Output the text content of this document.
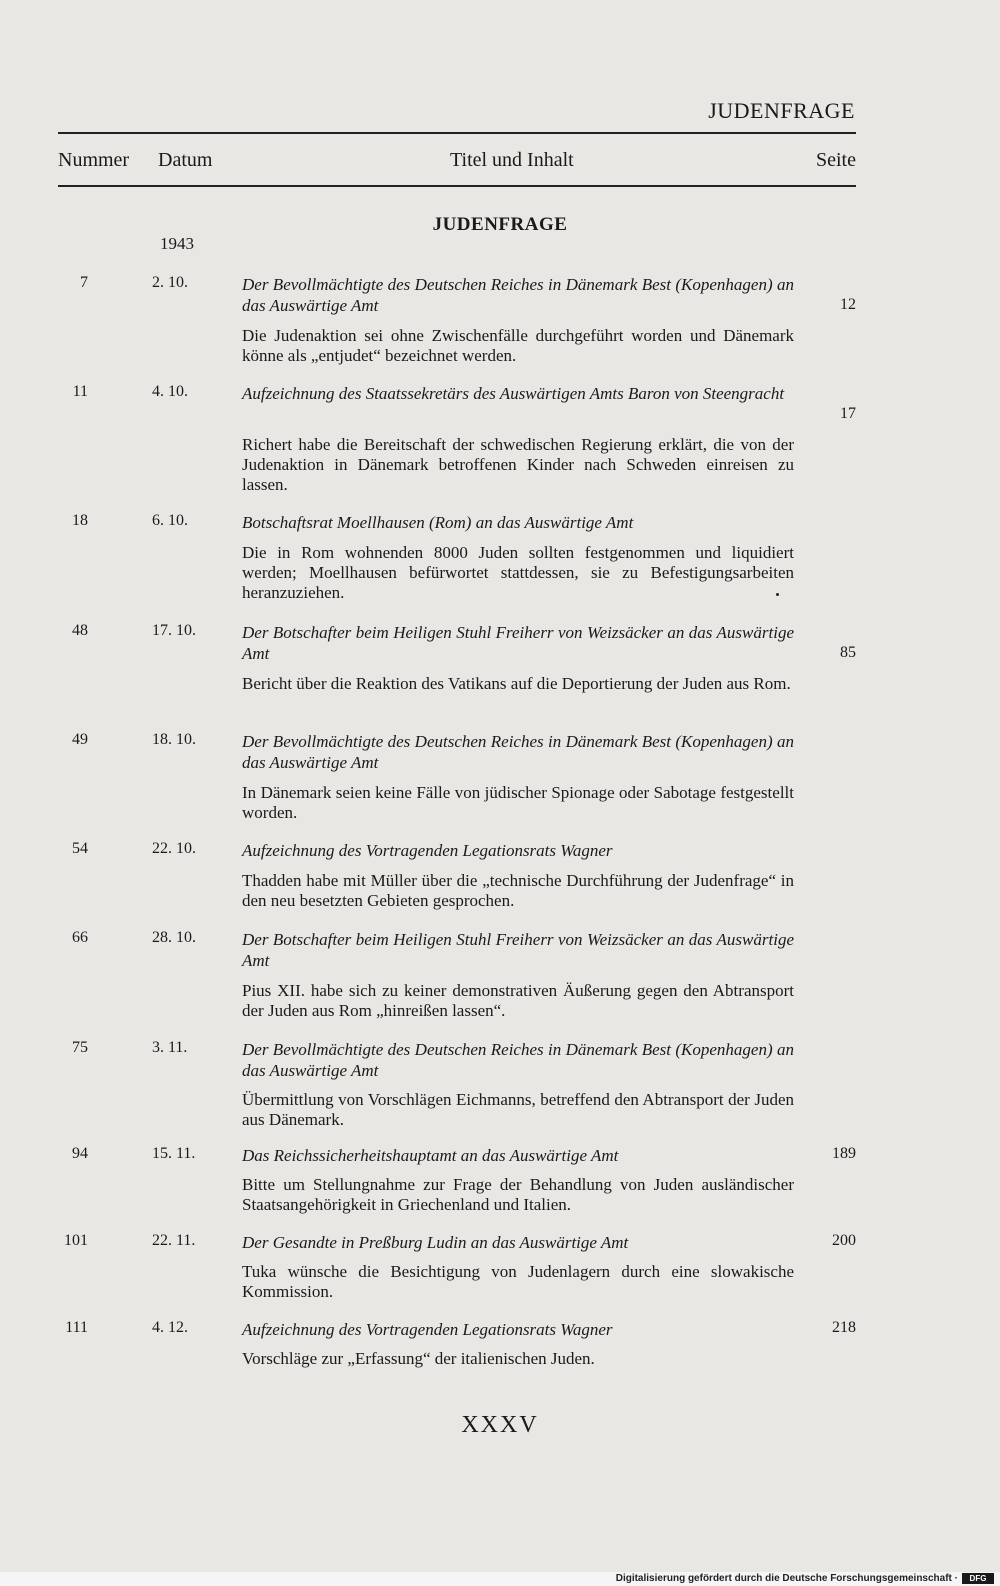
JUDENFRAGE
Nummer Datum	Titel und Inhalt	Seite
JUDENFRAGE
1943
7	2. 10.	Der Bevollmächtigte des Deutschen Reiches in Dänemark Best (Kopenhagen) an das Auswärtige Amt	12
Die Judenaktion sei ohne Zwischenfälle durchgeführt worden und Dänemark könne als „entjudet“ bezeichnet werden.
11	4. 10.	Aufzeichnung des Staatssekretärs des Auswärtigen Amts Baron von Steengracht
17
Richert habe die Bereitschaft der schwedischen Regierung erklärt, die von der Judenaktion in Dänemark betroffenen Kinder nach Schweden einreisen zu lassen.
18	6. 10.	Botschaftsrat Moellhausen (Rom) an das Auswärtige Amt
Die in Rom wohnenden 8000 Juden sollten festgenommen und liquidiert werden; Moellhausen befürwortet stattdessen, sie zu Befestigungsarbeiten heranzuziehen.
48	17. 10.	Der Botschafter beim Heiligen Stuhl Freiherr von Weizsäcker an das Auswärtige Amt	85
Bericht über die Reaktion des Vatikans auf die Deportierung der Juden aus Rom.
49	18. 10.	Der Bevollmächtigte des Deutschen Reiches in Dänemark Best (Kopenhagen) an das Auswärtige Amt
In Dänemark seien keine Fälle von jüdischer Spionage oder Sabotage festgestellt worden.
54	22. 10.	Aufzeichnung des Vortragenden Legationsrats Wagner
Thadden habe mit Müller über die „technische Durchführung der Judenfrage“ in den neu besetzten Gebieten gesprochen.
66	28. 10.	Der Botschafter beim Heiligen Stuhl Freiherr von Weizsäcker an das Auswärtige Amt
Pius XII. habe sich zu keiner demonstrativen Äußerung gegen den Abtransport der Juden aus Rom „hinreißen lassen“.
75	3. 11.	Der Bevollmächtigte des Deutschen Reiches in Dänemark Best (Kopenhagen) an das Auswärtige Amt
Übermittlung von Vorschlägen Eichmanns, betreffend den Abtransport der Juden aus Dänemark.
94	15. 11.	Das Reichssicherheitshauptamt an das Auswärtige Amt	189
Bitte um Stellungnahme zur Frage der Behandlung von Juden ausländischer Staatsangehörigkeit in Griechenland und Italien.
101	22. 11.	Der Gesandte in Preßburg Ludin an das Auswärtige Amt	200
Tuka wünsche die Besichtigung von Judenlagern durch eine slowakische Kommission.
111	4. 12.	Aufzeichnung des Vortragenden Legationsrats Wagner	218
Vorschläge zur „Erfassung“ der italienischen Juden.
XXXV
Digitalisierung gefördert durch die Deutsche Forschungsgemeinschaft ·	DFG
